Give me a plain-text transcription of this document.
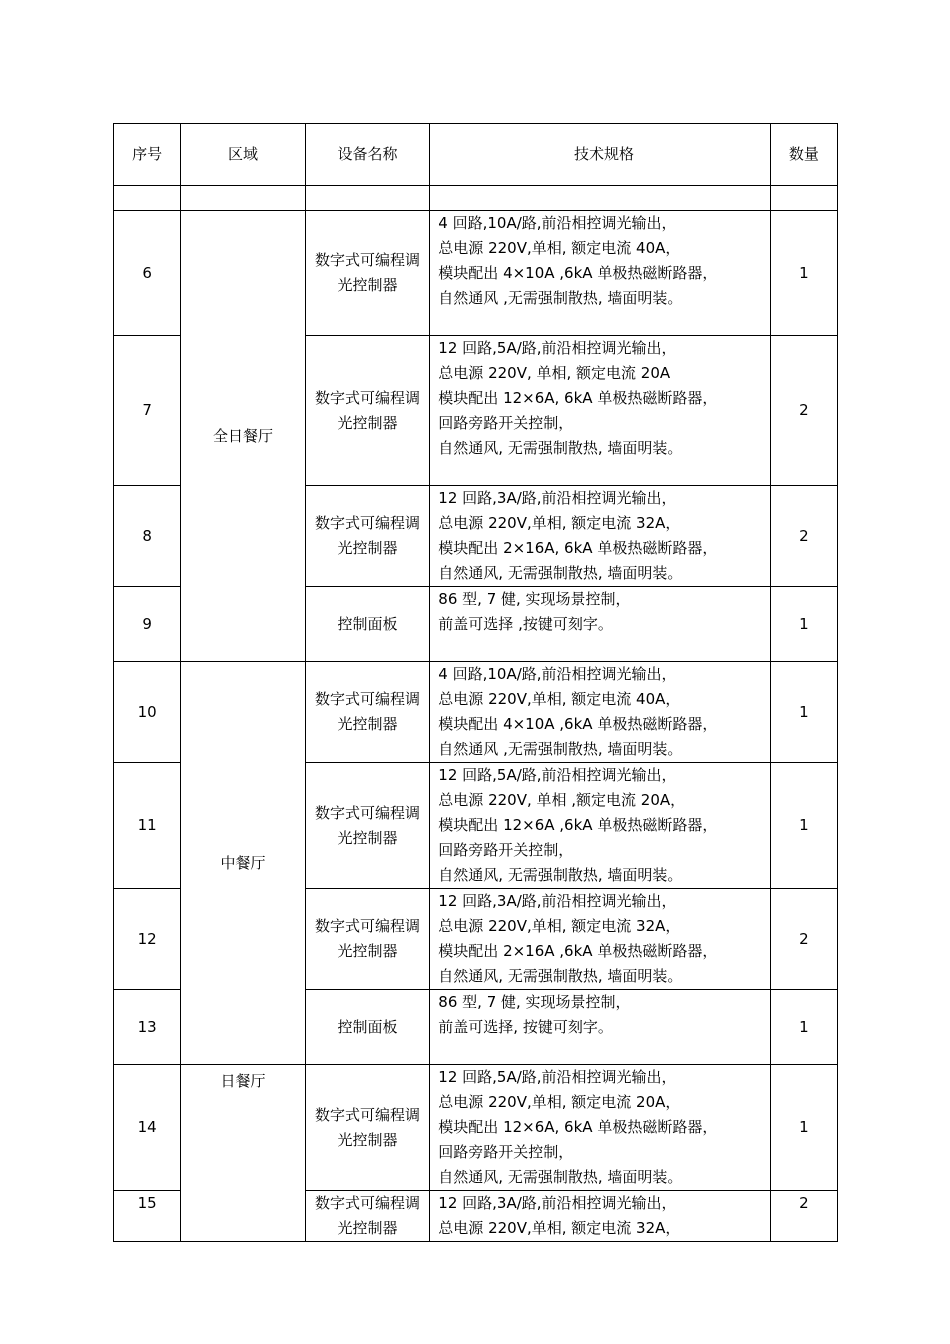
序号	区域	设备名称	技术规格	数量

6	全日餐厅	数字式可编程调光控制器	4 回路,10A/路,前沿相控调光输出，
总电源 220V,单相, 额定电流 40A，
模块配出 4×10A ,6kA 单极热磁断路器，
自然通风 ,无需强制散热, 墙面明装。	1
7		数字式可编程调光控制器	12 回路,5A/路,前沿相控调光输出，
总电源 220V, 单相, 额定电流 20A
模块配出 12×6A, 6kA 单极热磁断路器，
回路旁路开关控制，
自然通风, 无需强制散热, 墙面明装。	2
8		数字式可编程调光控制器	12 回路,3A/路,前沿相控调光输出，
总电源 220V,单相, 额定电流 32A，
模块配出 2×16A, 6kA 单极热磁断路器，
自然通风, 无需强制散热, 墙面明装。	2
9		控制面板	86 型, 7 健, 实现场景控制，
前盖可选择 ,按键可刻字。	1
10	中餐厅	数字式可编程调光控制器	4 回路,10A/路,前沿相控调光输出，
总电源 220V,单相, 额定电流 40A，
模块配出 4×10A ,6kA 单极热磁断路器，
自然通风 ,无需强制散热, 墙面明装。	1
11		数字式可编程调光控制器	12 回路,5A/路,前沿相控调光输出，
总电源 220V, 单相 ,额定电流 20A，
模块配出 12×6A ,6kA 单极热磁断路器，
回路旁路开关控制，
自然通风, 无需强制散热, 墙面明装。	1
12		数字式可编程调光控制器	12 回路,3A/路,前沿相控调光输出，
总电源 220V,单相, 额定电流 32A，
模块配出 2×16A ,6kA 单极热磁断路器，
自然通风, 无需强制散热, 墙面明装。	2
13		控制面板	86 型, 7 健, 实现场景控制，
前盖可选择, 按键可刻字。	1
14	日餐厅	数字式可编程调光控制器	12 回路,5A/路,前沿相控调光输出，
总电源 220V,单相, 额定电流 20A，
模块配出 12×6A, 6kA 单极热磁断路器，
回路旁路开关控制，
自然通风, 无需强制散热, 墙面明装。	1
15		数字式可编程调光控制器	12 回路,3A/路,前沿相控调光输出，
总电源 220V,单相, 额定电流 32A，	2
